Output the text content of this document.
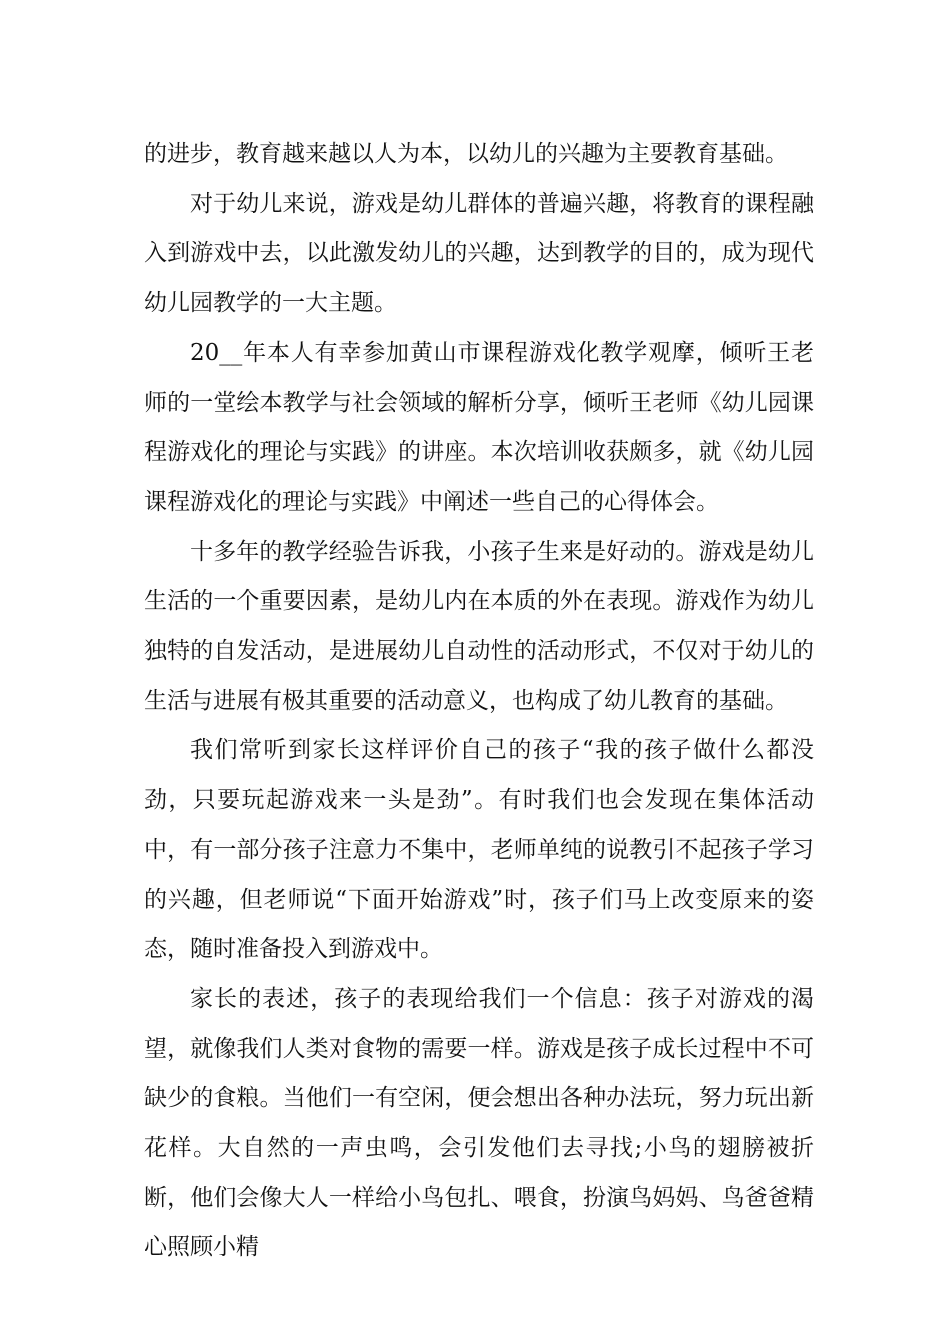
的进步，教育越来越以人为本，以幼儿的兴趣为主要教育基础。

对于幼儿来说，游戏是幼儿群体的普遍兴趣，将教育的课程融入到游戏中去，以此激发幼儿的兴趣，达到教学的目的，成为现代幼儿园教学的一大主题。

20__年本人有幸参加黄山市课程游戏化教学观摩，倾听王老师的一堂绘本教学与社会领域的解析分享，倾听王老师《幼儿园课程游戏化的理论与实践》的讲座。本次培训收获颇多，就《幼儿园课程游戏化的理论与实践》中阐述一些自己的心得体会。

十多年的教学经验告诉我，小孩子生来是好动的。游戏是幼儿生活的一个重要因素，是幼儿内在本质的外在表现。游戏作为幼儿独特的自发活动，是进展幼儿自动性的活动形式，不仅对于幼儿的生活与进展有极其重要的活动意义，也构成了幼儿教育的基础。

我们常听到家长这样评价自己的孩子“我的孩子做什么都没劲，只要玩起游戏来一头是劲”。有时我们也会发现在集体活动中，有一部分孩子注意力不集中，老师单纯的说教引不起孩子学习的兴趣，但老师说“下面开始游戏”时，孩子们马上改变原来的姿态，随时准备投入到游戏中。

家长的表述，孩子的表现给我们一个信息：孩子对游戏的渴望，就像我们人类对食物的需要一样。游戏是孩子成长过程中不可缺少的食粮。当他们一有空闲，便会想出各种办法玩，努力玩出新花样。大自然的一声虫鸣，会引发他们去寻找;小鸟的翅膀被折断，他们会像大人一样给小鸟包扎、喂食，扮演鸟妈妈、鸟爸爸精心照顾小精
